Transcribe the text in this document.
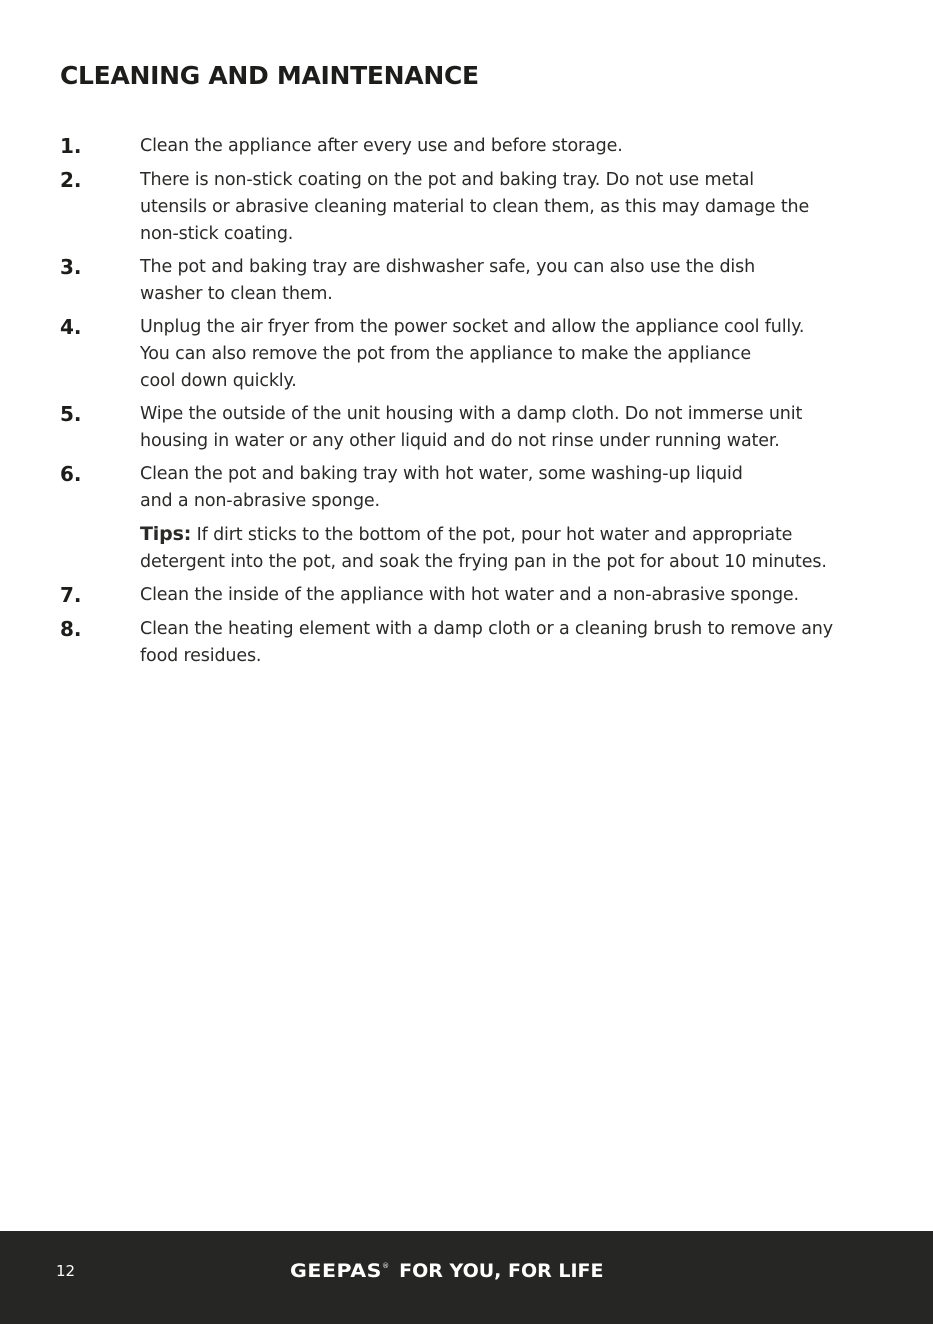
CLEANING AND MAINTENANCE
1.	Clean the appliance after every use and before storage.
2.	There is non-stick coating on the pot and baking tray. Do not use metal
utensils or abrasive cleaning material to clean them, as this may damage the
non-stick coating.
3.	The pot and baking tray are dishwasher safe, you can also use the dish
washer to clean them.
4.	Unplug the air fryer from the power socket and allow the appliance cool fully.
You can also remove the pot from the appliance to make the appliance
cool down quickly.
5.	Wipe the outside of the unit housing with a damp cloth. Do not immerse unit
housing in water or any other liquid and do not rinse under running water.
6.	Clean the pot and baking tray with hot water, some washing-up liquid
and a non-abrasive sponge.
7.	Clean the inside of the appliance with hot water and a non-abrasive sponge.
8.	Clean the heating element with a damp cloth or a cleaning brush to remove any
food residues.
Tips: If dirt sticks to the bottom of the pot, pour hot water and appropriate
detergent into the pot, and soak the frying pan in the pot for about 10 minutes.
12	GEEPAS ® FOR YOU, FOR LIFE
